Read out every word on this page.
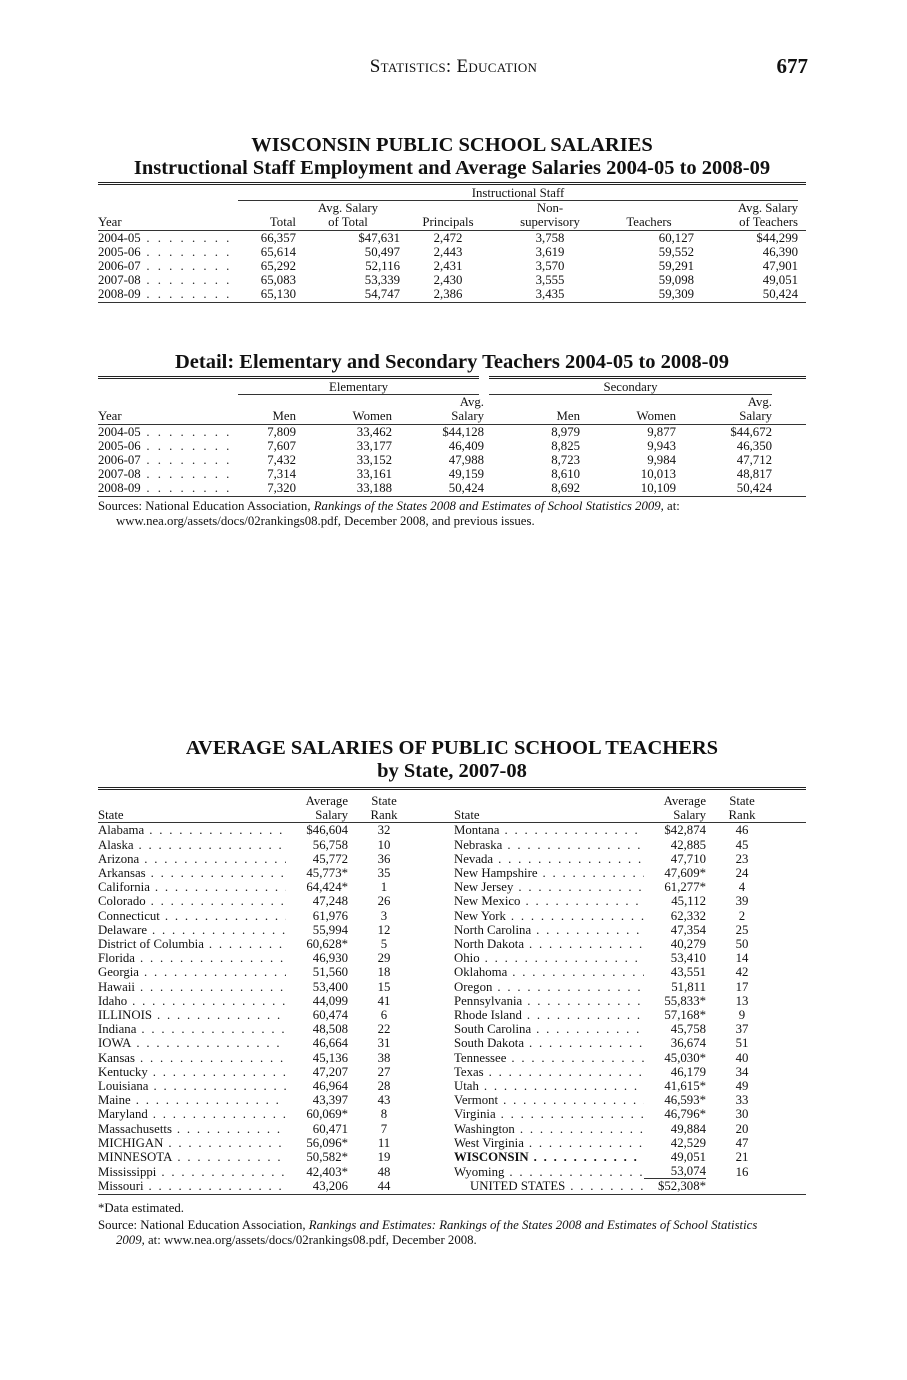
Statistics: Education	677
WISCONSIN PUBLIC SCHOOL SALARIES
Instructional Staff Employment and Average Salaries 2004-05 to 2008-09
	Instructional Staff						
		Avg. Salary		Non-		Avg. Salary	
Year	Total	of Total	Principals	supervisory	Teachers	of Teachers	
2004-05 . . . . . . . .	66,357	$47,631	2,472	3,758	60,127	$44,299	
2005-06 . . . . . . . .	65,614	50,497	2,443	3,619	59,552	46,390	
2006-07 . . . . . . . .	65,292	52,116	2,431	3,570	59,291	47,901	
2007-08 . . . . . . . .	65,083	53,339	2,430	3,555	59,098	49,051	
2008-09 . . . . . . . .	65,130	54,747	2,386	3,435	59,309	50,424	
Detail: Elementary and Secondary Teachers 2004-05 to 2008-09
	Elementary			Secondary			
			Avg.			Avg.	
Year	Men	Women	Salary	Men	Women	Salary	
2004-05 . . . . . . . .	7,809	33,462	$44,128	8,979	9,877	$44,672	
2005-06 . . . . . . . .	7,607	33,177	46,409	8,825	9,943	46,350	
2006-07 . . . . . . . .	7,432	33,152	47,988	8,723	9,984	47,712	
2007-08 . . . . . . . .	7,314	33,161	49,159	8,610	10,013	48,817	
2008-09 . . . . . . . .	7,320	33,188	50,424	8,692	10,109	50,424	
Sources: National Education Association, Rankings of the States 2008 and Estimates of School Statistics 2009, at:
www.nea.org/assets/docs/02rankings08.pdf, December 2008, and previous issues.
AVERAGE SALARIES OF PUBLIC SCHOOL TEACHERS
by State, 2007-08
	Average	State			Average	State	
State	Salary	Rank		State	Salary	Rank	
Alabama . . .	$46,604	32		Montana . . .	$42,874	46	
Alaska . . .	56,758	10		Nebraska . . .	42,885	45	
Arizona . . .	45,772	36		Nevada . . .	47,710	23	
Arkansas . . .	45,773*	35		New Hampshire . . .	47,609*	24	
California . . .	64,424*	1		New Jersey . . .	61,277*	4	
Colorado . . .	47,248	26		New Mexico . . .	45,112	39	
Connecticut . . .	61,976	3		New York . . .	62,332	2	
Delaware . . .	55,994	12		North Carolina . . .	47,354	25	
District of Columbia . . .	60,628*	5		North Dakota . . .	40,279	50	
Florida . . .	46,930	29		Ohio . . .	53,410	14	
Georgia . . .	51,560	18		Oklahoma . . .	43,551	42	
Hawaii . . .	53,400	15		Oregon . . .	51,811	17	
Idaho . . .	44,099	41		Pennsylvania . . .	55,833*	13	
ILLINOIS . . .	60,474	6		Rhode Island . . .	57,168*	9	
Indiana . . .	48,508	22		South Carolina . . .	45,758	37	
IOWA . . .	46,664	31		South Dakota . . .	36,674	51	
Kansas . . .	45,136	38		Tennessee . . .	45,030*	40	
Kentucky . . .	47,207	27		Texas . . .	46,179	34	
Louisiana . . .	46,964	28		Utah . . .	41,615*	49	
Maine . . .	43,397	43		Vermont . . .	46,593*	33	
Maryland . . .	60,069*	8		Virginia . . .	46,796*	30	
Massachusetts . . .	60,471	7		Washington . . .	49,884	20	
MICHIGAN . . .	56,096*	11		West Virginia . . .	42,529	47	
MINNESOTA . . .	50,582*	19		WISCONSIN . . .	49,051	21	
Mississippi . . .	42,403*	48		Wyoming . . .	53,074	16	
Missouri . . .	43,206	44		UNITED STATES . . .	$52,308*		
*Data estimated.
Source: National Education Association, Rankings and Estimates: Rankings of the States 2008 and Estimates of School Statistics
2009, at: www.nea.org/assets/docs/02rankings08.pdf, December 2008.
